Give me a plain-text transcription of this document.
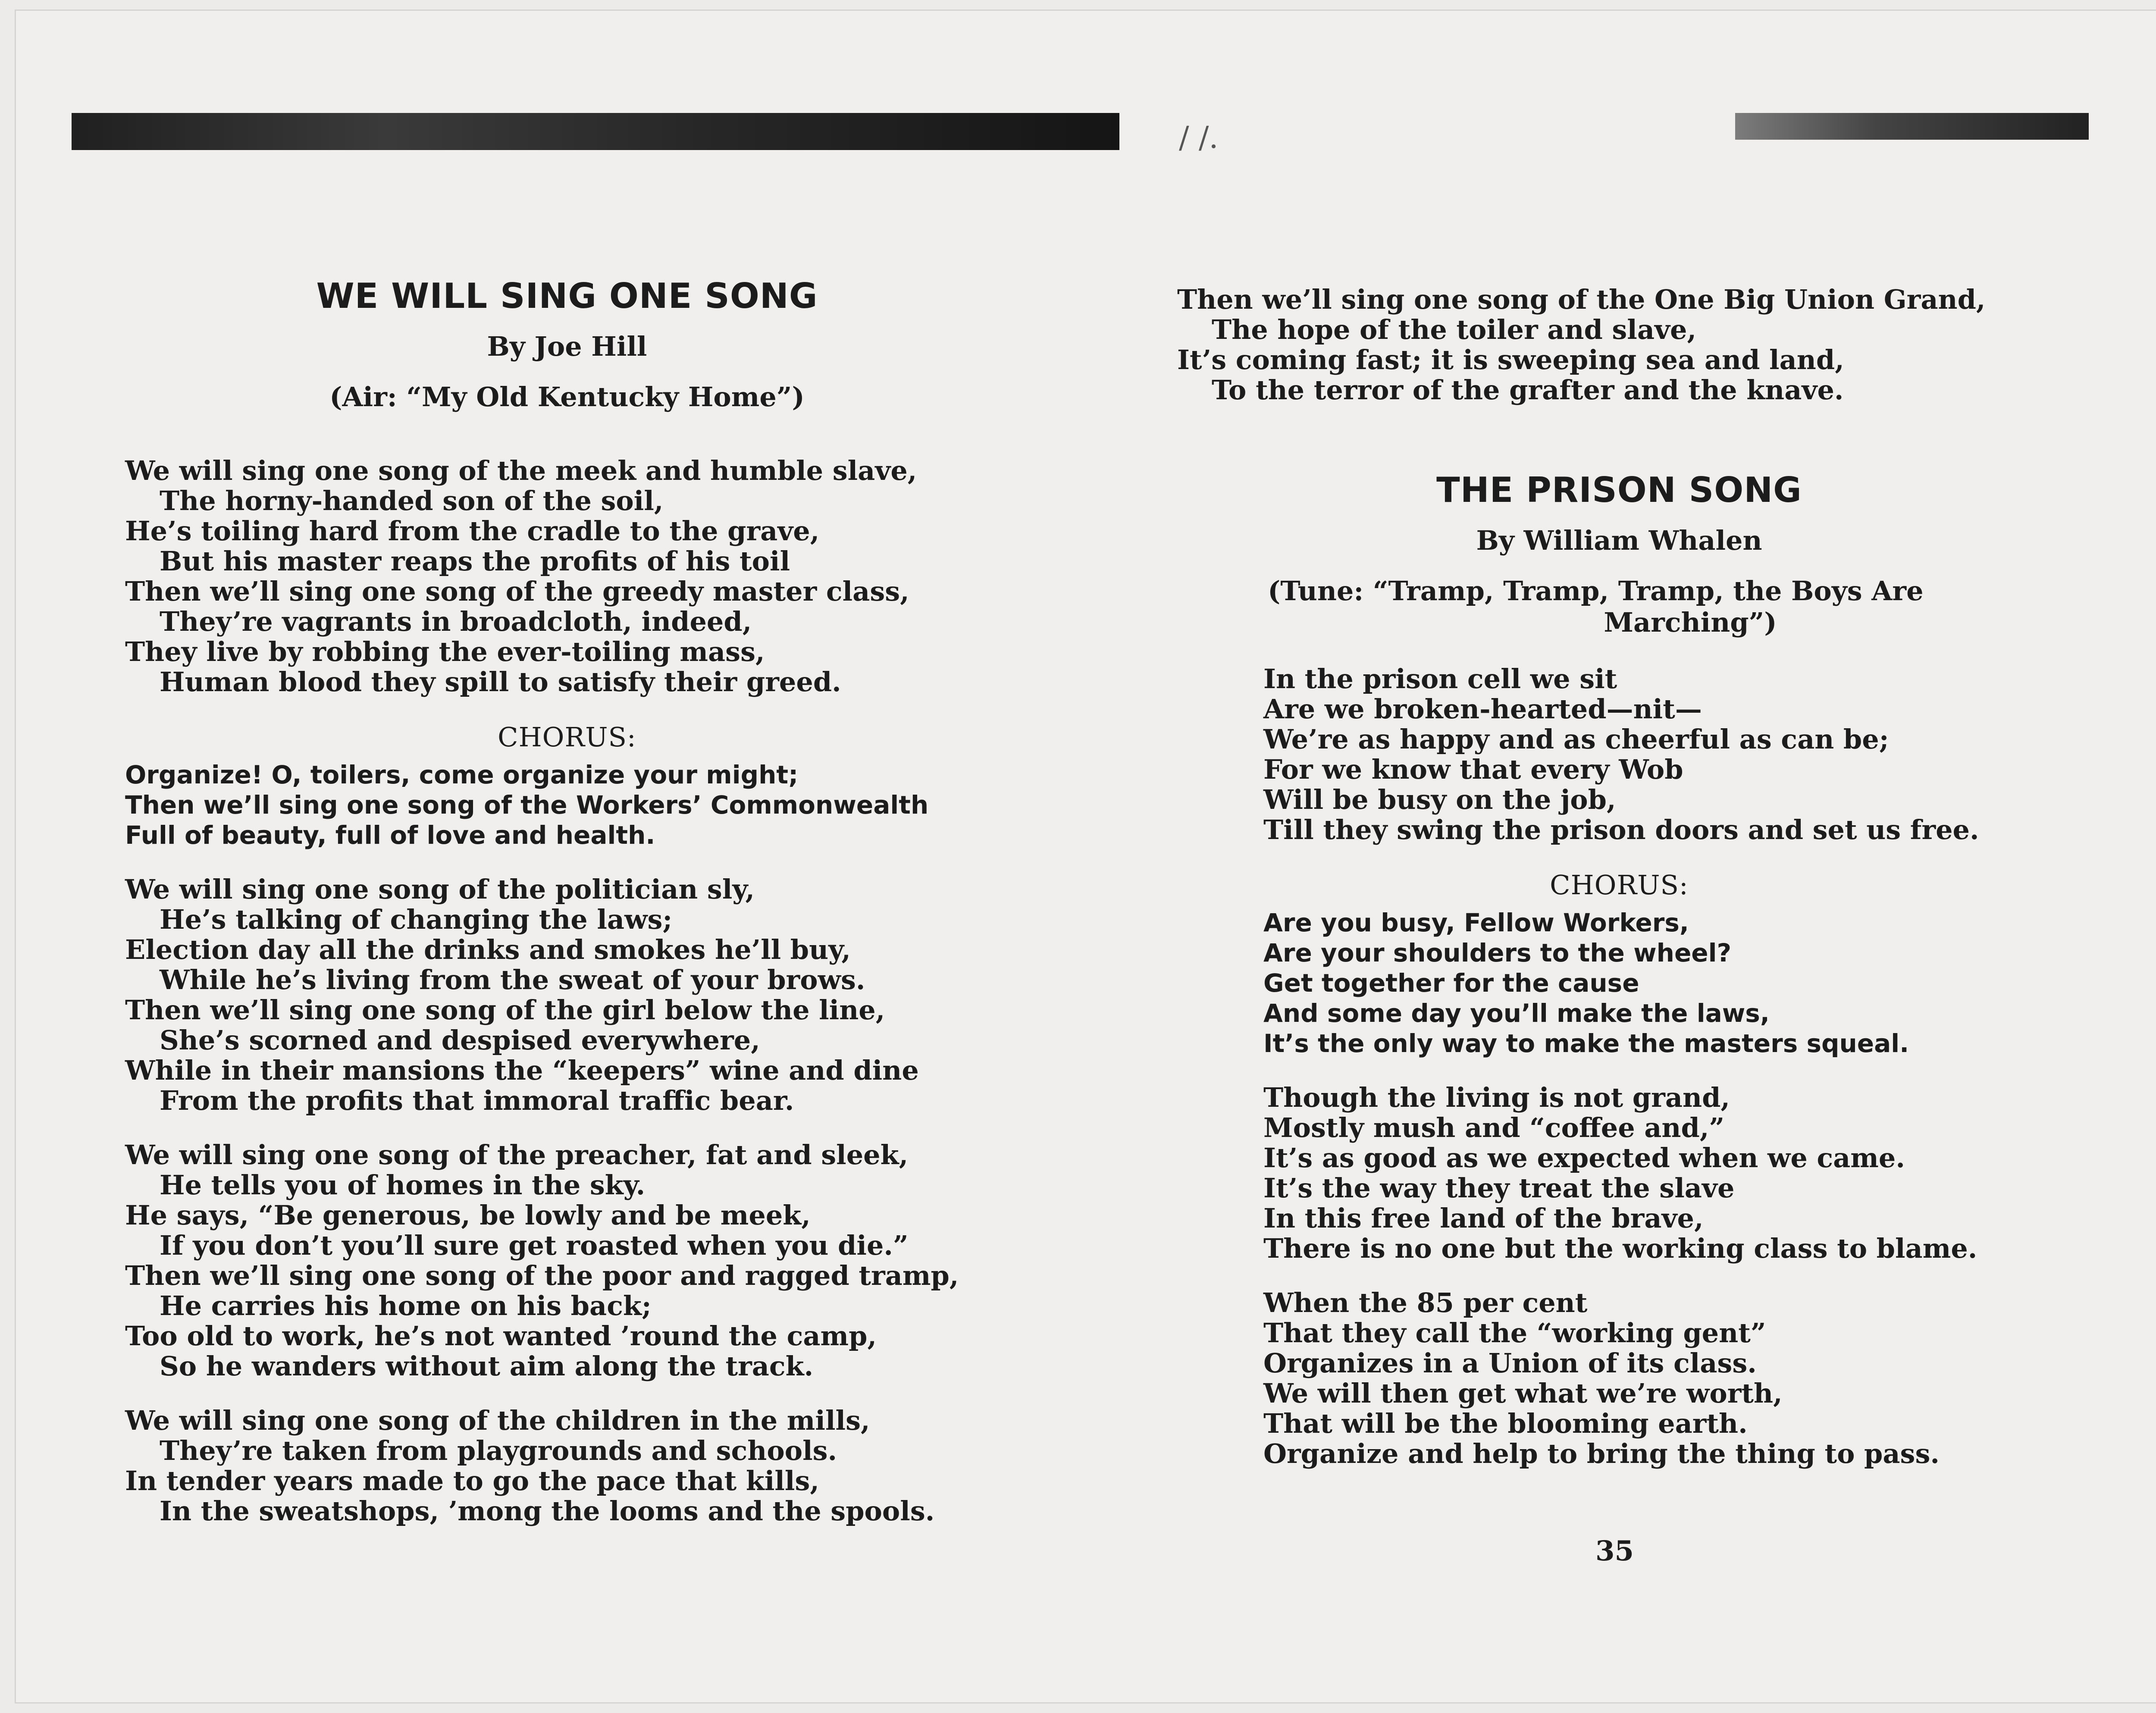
/ /.
WE WILL SING ONE SONG
By Joe Hill
(Air: “My Old Kentucky Home”)
We will sing one song of the meek and humble slave,
The horny-handed son of the soil,
He’s toiling hard from the cradle to the grave,
But his master reaps the profits of his toil
Then we’ll sing one song of the greedy master class,
They’re vagrants in broadcloth, indeed,
They live by robbing the ever-toiling mass,
Human blood they spill to satisfy their greed.
CHORUS:
Organize! O, toilers, come organize your might;
Then we’ll sing one song of the Workers’ Commonwealth
Full of beauty, full of love and health.
We will sing one song of the politician sly,
He’s talking of changing the laws;
Election day all the drinks and smokes he’ll buy,
While he’s living from the sweat of your brows.
Then we’ll sing one song of the girl below the line,
She’s scorned and despised everywhere,
While in their mansions the “keepers” wine and dine
From the profits that immoral traffic bear.
We will sing one song of the preacher, fat and sleek,
He tells you of homes in the sky.
He says, “Be generous, be lowly and be meek,
If you don’t you’ll sure get roasted when you die.”
Then we’ll sing one song of the poor and ragged tramp,
He carries his home on his back;
Too old to work, he’s not wanted ’round the camp,
So he wanders without aim along the track.
We will sing one song of the children in the mills,
They’re taken from playgrounds and schools.
In tender years made to go the pace that kills,
In the sweatshops, ’mong the looms and the spools.
Then we’ll sing one song of the One Big Union Grand,
The hope of the toiler and slave,
It’s coming fast; it is sweeping sea and land,
To the terror of the grafter and the knave.
THE PRISON SONG
By William Whalen
(Tune: “Tramp, Tramp, Tramp, the Boys Are
Marching”)
In the prison cell we sit
Are we broken-hearted—nit—
We’re as happy and as cheerful as can be;
For we know that every Wob
Will be busy on the job,
Till they swing the prison doors and set us free.
CHORUS:
Are you busy, Fellow Workers,
Are your shoulders to the wheel?
Get together for the cause
And some day you’ll make the laws,
It’s the only way to make the masters squeal.
Though the living is not grand,
Mostly mush and “coffee and,”
It’s as good as we expected when we came.
It’s the way they treat the slave
In this free land of the brave,
There is no one but the working class to blame.
When the 85 per cent
That they call the “working gent”
Organizes in a Union of its class.
We will then get what we’re worth,
That will be the blooming earth.
Organize and help to bring the thing to pass.
35
